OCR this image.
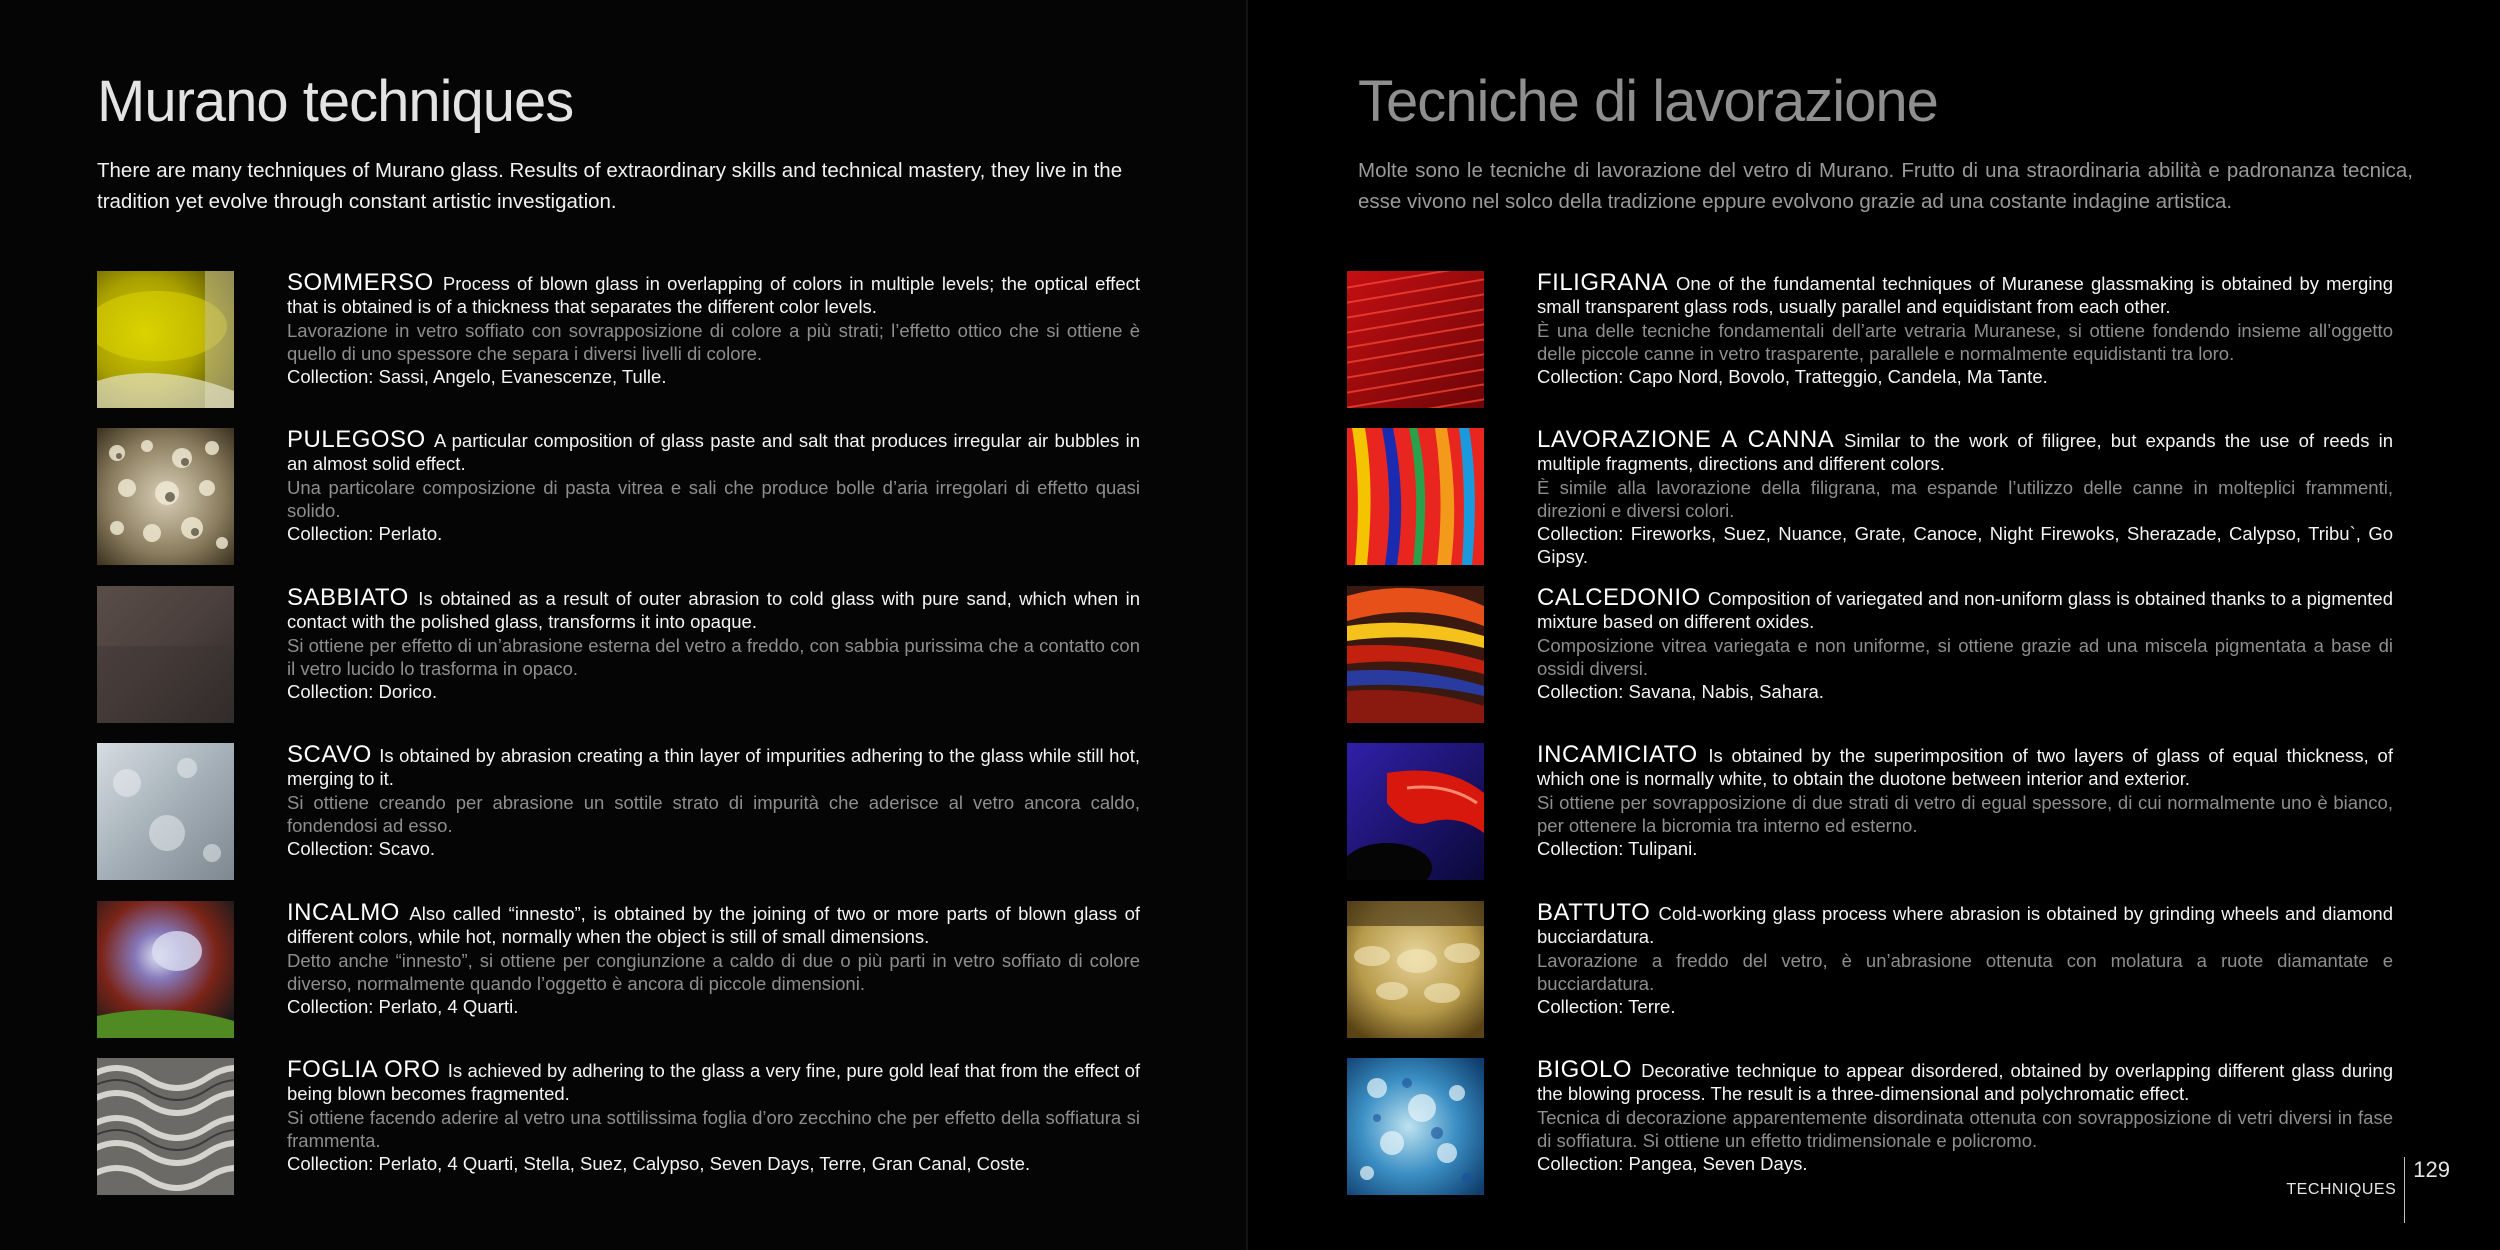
Murano techniques

There are many techniques of Murano glass. Results of extraordinary skills and technical mastery, they live in the tradition yet evolve through constant artistic investigation.

SOMMERSO Process of blown glass in overlapping of colors in multiple levels; the optical effect that is obtained is of a thickness that separates the different color levels.
Lavorazione in vetro soffiato con sovrapposizione di colore a più strati; l’effetto ottico che si ottiene è quello di uno spessore che separa i diversi livelli di colore.
Collection: Sassi, Angelo, Evanescenze, Tulle.
PULEGOSO A particular composition of glass paste and salt that produces irregular air bubbles in an almost solid effect.
Una particolare composizione di pasta vitrea e sali che produce bolle d’aria irregolari di effetto quasi solido.
Collection: Perlato.
SABBIATO Is obtained as a result of outer abrasion to cold glass with pure sand, which when in contact with the polished glass, transforms it into opaque.
Si ottiene per effetto di un’abrasione esterna del vetro a freddo, con sabbia purissima che a contatto con il vetro lucido lo trasforma in opaco.
Collection: Dorico.
SCAVO Is obtained by abrasion creating a thin layer of impurities adhering to the glass while still hot, merging to it.
Si ottiene creando per abrasione un sottile strato di impurità che aderisce al vetro ancora caldo, fondendosi ad esso.
Collection: Scavo.
INCALMO Also called “innesto”, is obtained by the joining of two or more parts of blown glass of different colors, while hot, normally when the object is still of small dimensions.
Detto anche “innesto”, si ottiene per congiunzione a caldo di due o più parti in vetro soffiato di colore diverso, normalmente quando l’oggetto è ancora di piccole dimensioni.
Collection: Perlato, 4 Quarti.
FOGLIA ORO Is achieved by adhering to the glass a very fine, pure gold leaf that from the effect of being blown becomes fragmented.
Si ottiene facendo aderire al vetro una sottilissima foglia d’oro zecchino che per effetto della soffiatura si frammenta.
Collection: Perlato, 4 Quarti, Stella, Suez, Calypso, Seven Days, Terre, Gran Canal, Coste.
Tecniche di lavorazione

Molte sono le tecniche di lavorazione del vetro di Murano. Frutto di una straordinaria abilità e padronanza tecnica, esse vivono nel solco della tradizione eppure evolvono grazie ad una costante indagine artistica.

FILIGRANA One of the fundamental techniques of Muranese glassmaking is obtained by merging small transparent glass rods, usually parallel and equidistant from each other.
È una delle tecniche fondamentali dell’arte vetraria Muranese, si ottiene fondendo insieme all’oggetto delle piccole canne in vetro trasparente, parallele e normalmente equidistanti tra loro.
Collection: Capo Nord, Bovolo, Tratteggio, Candela, Ma Tante.
LAVORAZIONE A CANNA Similar to the work of filigree, but expands the use of reeds in multiple fragments, directions and different colors.
È simile alla lavorazione della filigrana, ma espande l’utilizzo delle canne in molteplici frammenti, direzioni e diversi colori.
Collection: Fireworks, Suez, Nuance, Grate, Canoce, Night Firewoks, Sherazade, Calypso, Tribu`, Go Gipsy.
CALCEDONIO Composition of variegated and non-uniform glass is obtained thanks to a pigmented mixture based on different oxides.
Composizione vitrea variegata e non uniforme, si ottiene grazie ad una miscela pigmentata a base di ossidi diversi.
Collection: Savana, Nabis, Sahara.
INCAMICIATO Is obtained by the superimposition of two layers of glass of equal thickness, of which one is normally white, to obtain the duotone between interior and exterior.
Si ottiene per sovrapposizione di due strati di vetro di egual spessore, di cui normalmente uno è bianco, per ottenere la bicromia tra interno ed esterno.
Collection: Tulipani.
BATTUTO Cold-working glass process where abrasion is obtained by grinding wheels and diamond bucciardatura.
Lavorazione a freddo del vetro, è un’abrasione ottenuta con molatura a ruote diamantate e bucciardatura.
Collection: Terre.
BIGOLO Decorative technique to appear disordered, obtained by overlapping different glass during the blowing process. The result is a three-dimensional and polychromatic effect.
Tecnica di decorazione apparentemente disordinata ottenuta con sovrapposizione di vetri diversi in fase di soffiatura. Si ottiene un effetto tridimensionale e policromo.
Collection: Pangea, Seven Days.
TECHNIQUES
129
